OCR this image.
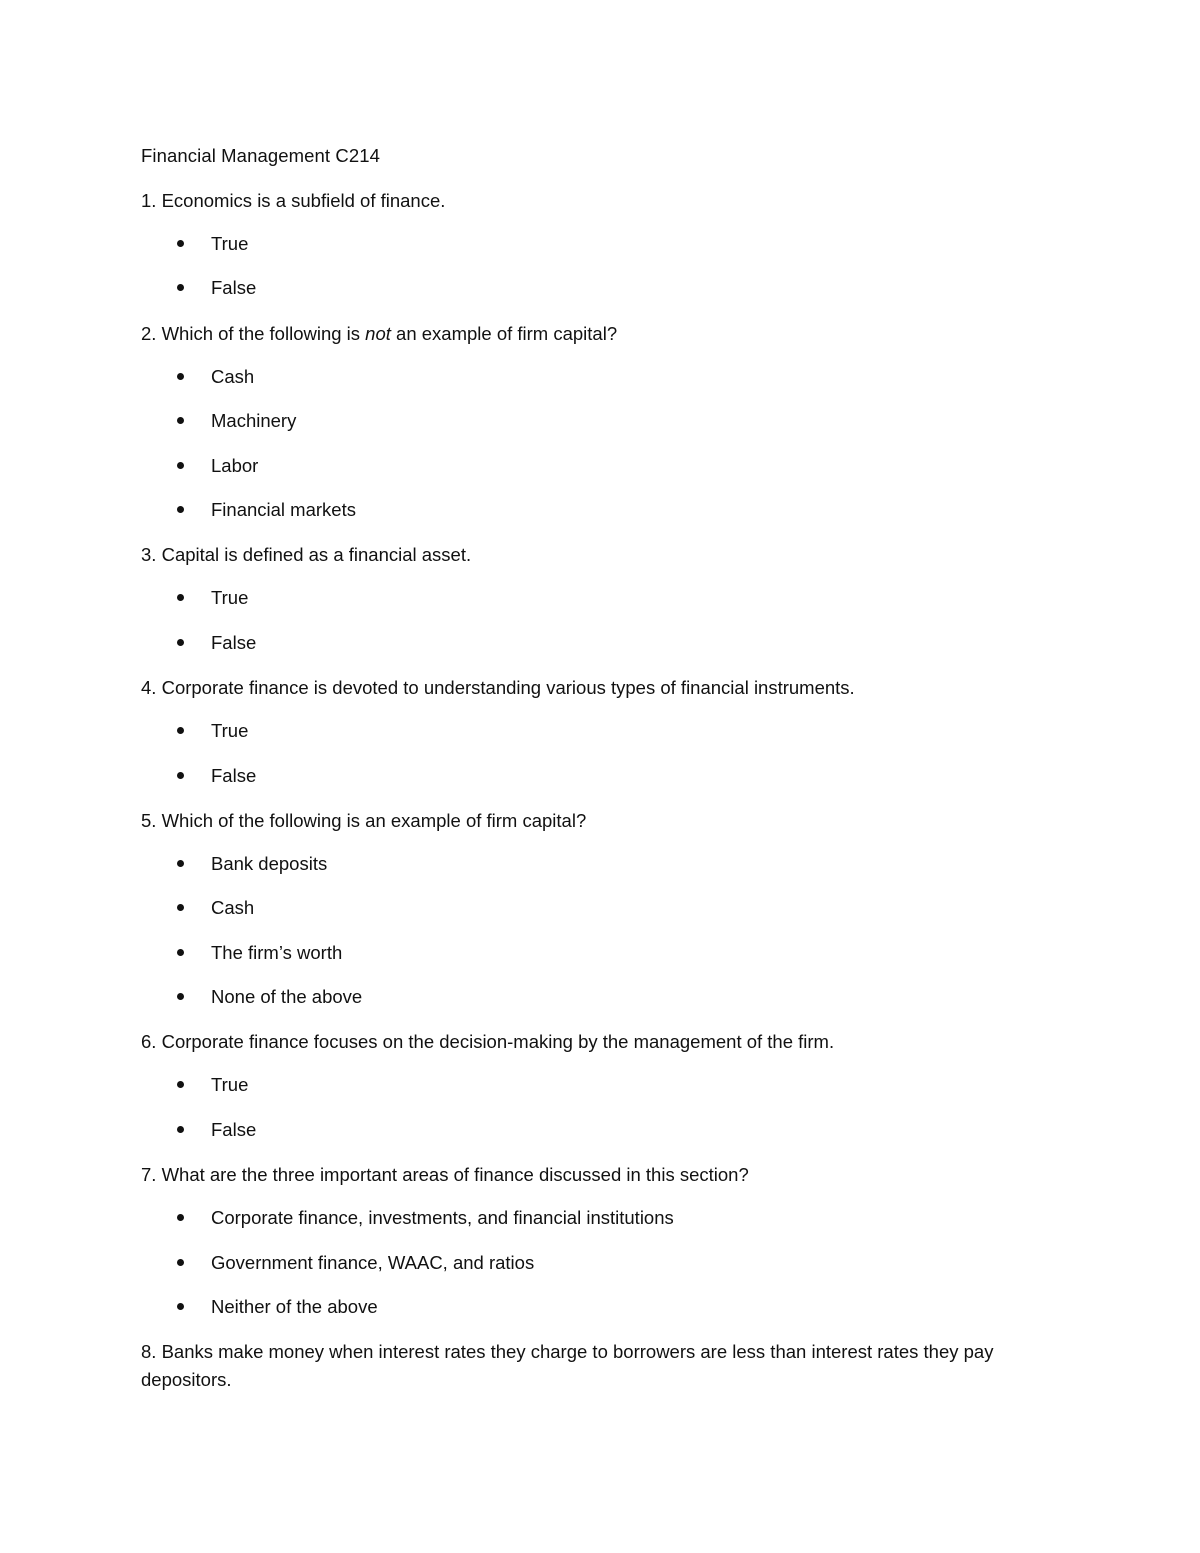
Financial Management C214

1. Economics is a subfield of finance.

True
False

2. Which of the following is not an example of firm capital?

Cash
Machinery
Labor
Financial markets

3. Capital is defined as a financial asset.

True
False

4. Corporate finance is devoted to understanding various types of financial instruments.

True
False

5. Which of the following is an example of firm capital?

Bank deposits
Cash
The firm’s worth
None of the above

6. Corporate finance focuses on the decision-making by the management of the firm.

True
False

7. What are the three important areas of finance discussed in this section?

Corporate finance, investments, and financial institutions
Government finance, WAAC, and ratios
Neither of the above

8. Banks make money when interest rates they charge to borrowers are less than interest rates they pay depositors.
